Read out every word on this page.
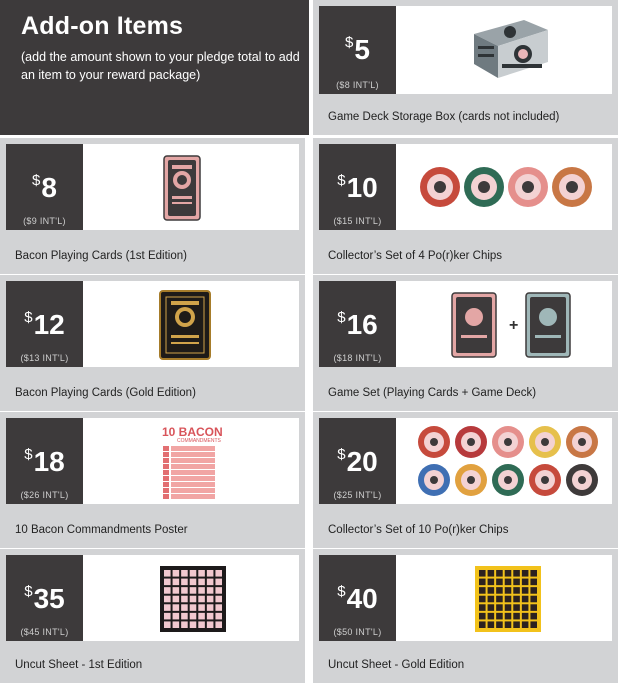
Add-on Items

(add the amount shown to your pledge total to add an item to your reward package)

$5
($8 INT'L)
Game Deck Storage Box (cards not included)
$8
($9 INT'L)
Bacon Playing Cards (1st Edition)
$10
($15 INT'L)
Collector’s Set of 4 Po(r)ker Chips
$12
($13 INT'L)
Bacon Playing Cards (Gold Edition)
$16
($18 INT'L)
+
Game Set (Playing Cards + Game Deck)
$18
($26 INT'L)
10 BACON
COMMANDMENTS
10 Bacon Commandments Poster
$20
($25 INT'L)
Collector’s Set of 10 Po(r)ker Chips
$35
($45 INT'L)
Uncut Sheet - 1st Edition
$40
($50 INT'L)
Uncut Sheet - Gold Edition
